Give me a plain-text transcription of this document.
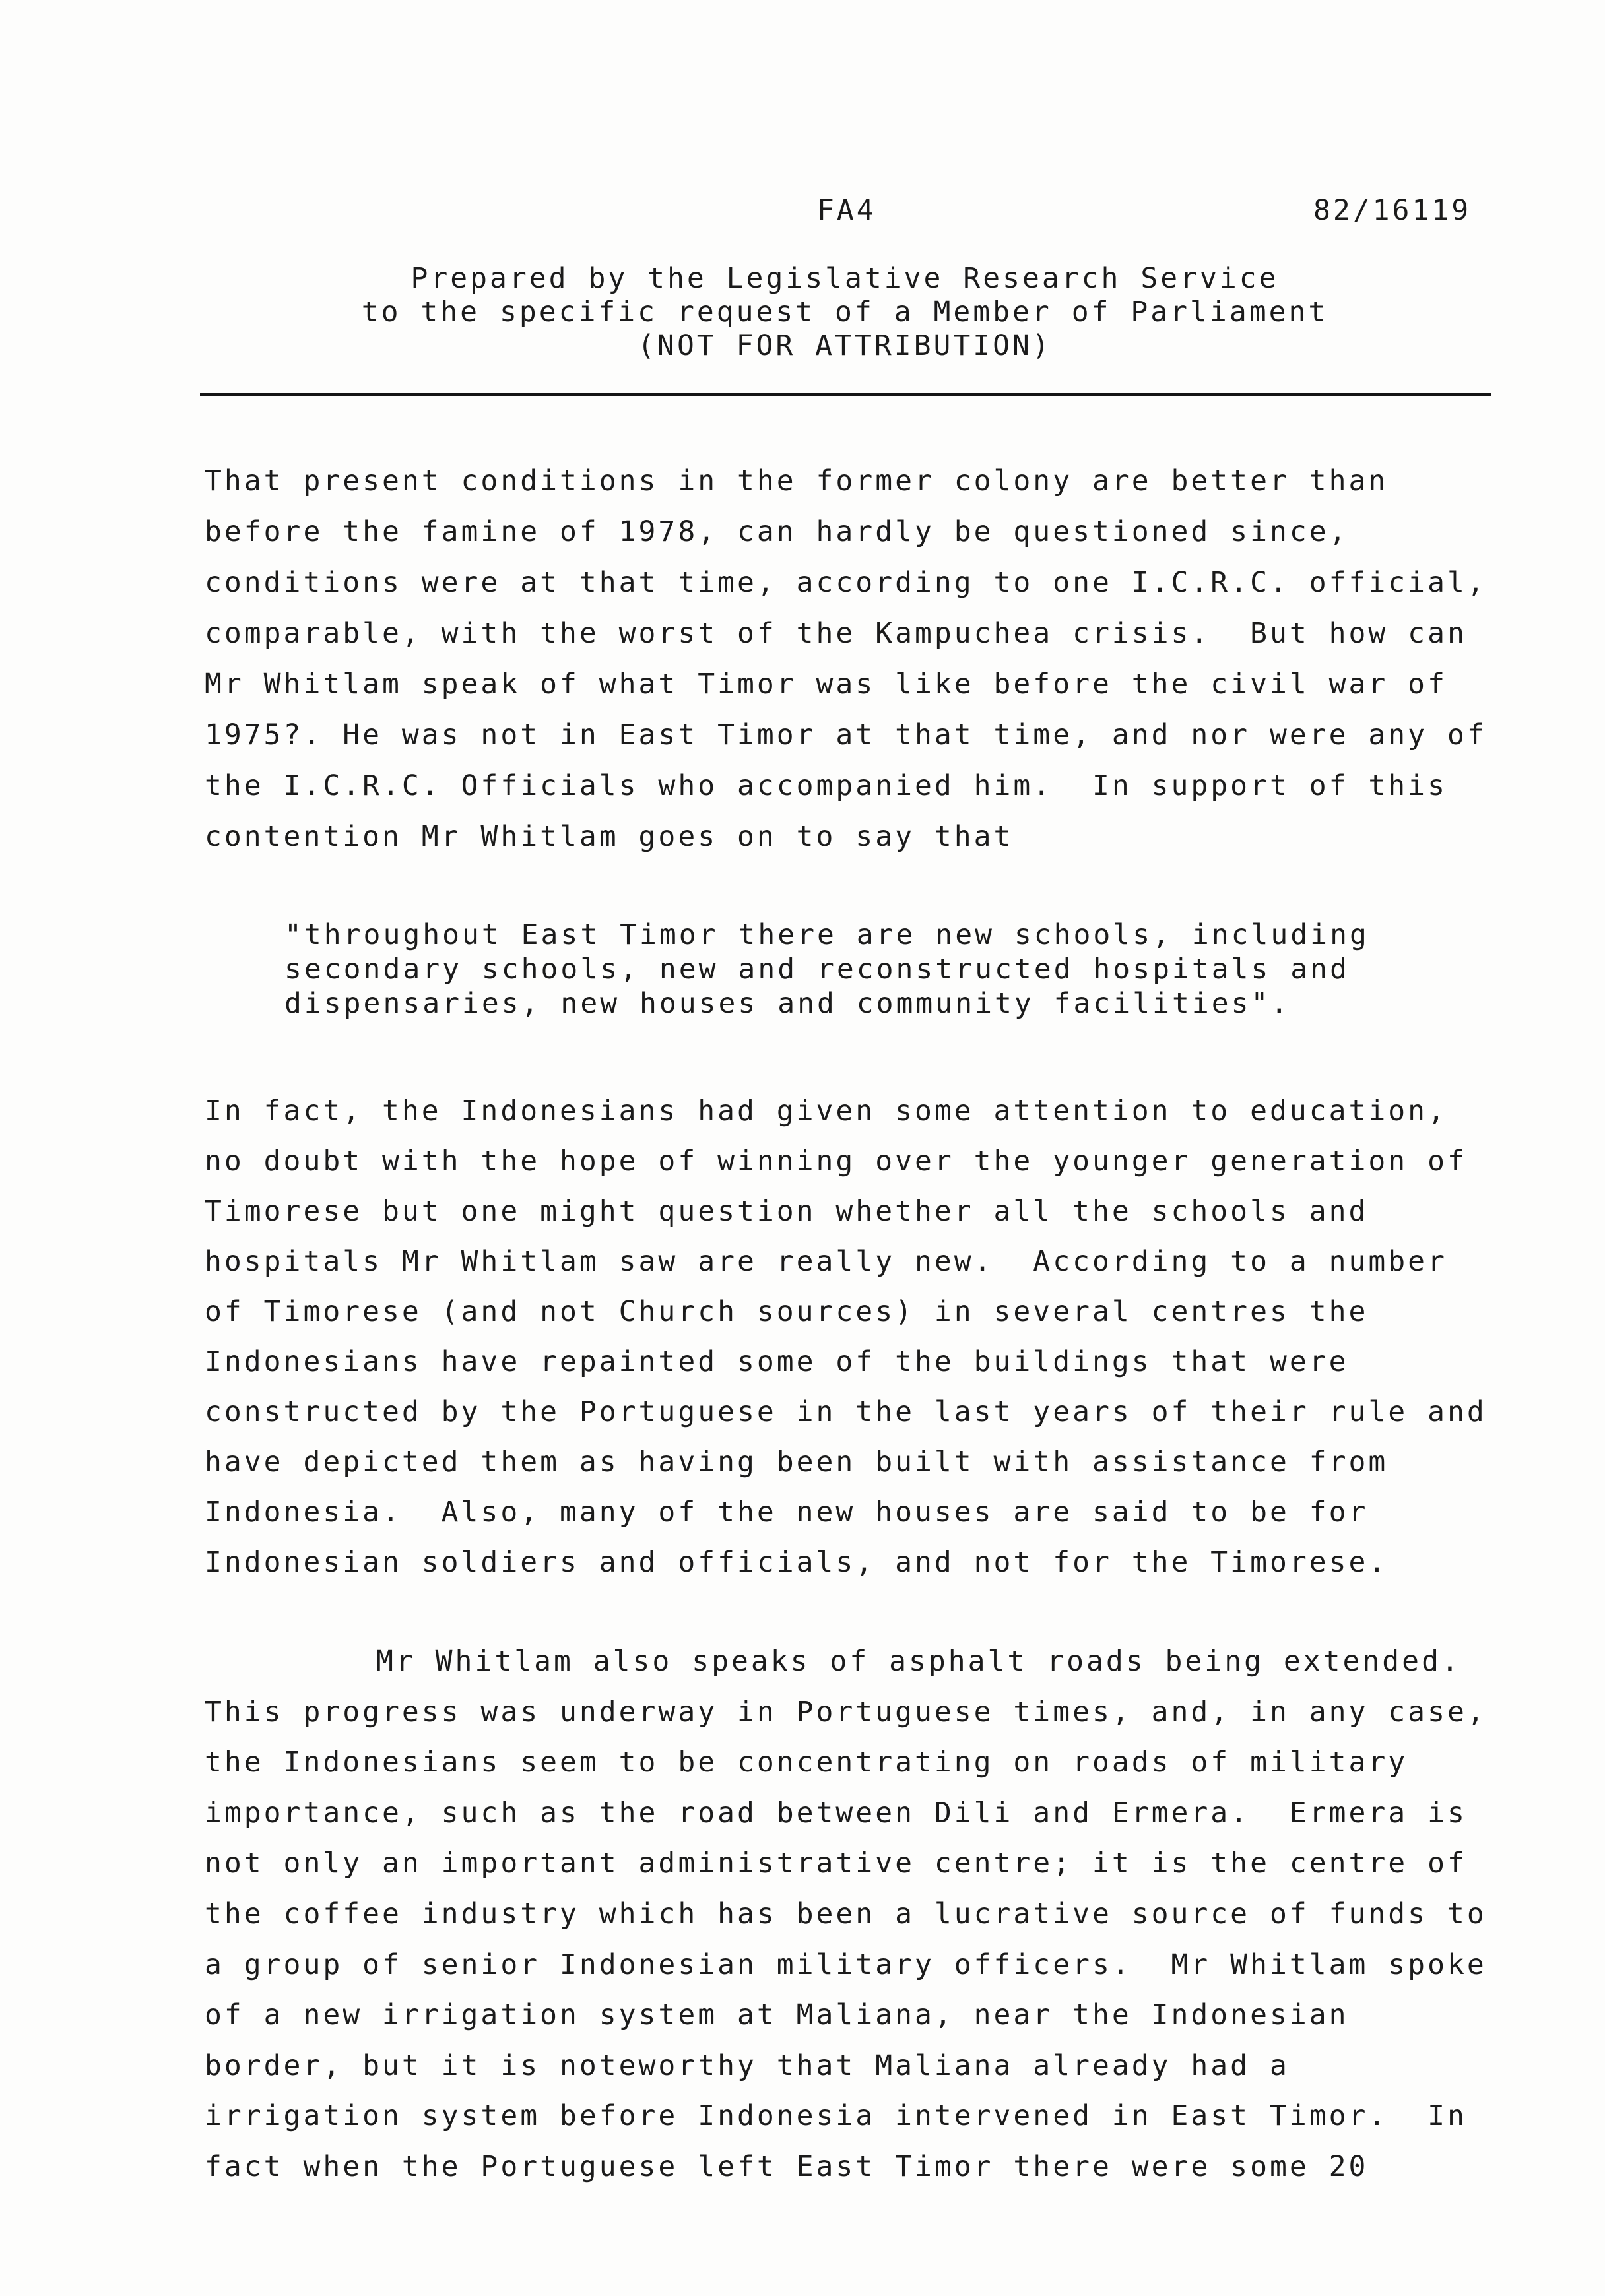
FA4	82/16119
Prepared by the Legislative Research Service
to the specific request of a Member of Parliament
(NOT FOR ATTRIBUTION)
That present conditions in the former colony are better than
before the famine of 1978, can hardly be questioned since,
conditions were at that time, according to one I.C.R.C. official,
comparable, with the worst of the Kampuchea crisis.  But how can
Mr Whitlam speak of what Timor was like before the civil war of
1975?. He was not in East Timor at that time, and nor were any of
the I.C.R.C. Officials who accompanied him.  In support of this
contention Mr Whitlam goes on to say that
"throughout East Timor there are new schools, including
secondary schools, new and reconstructed hospitals and
dispensaries, new houses and community facilities".
In fact, the Indonesians had given some attention to education,
no doubt with the hope of winning over the younger generation of
Timorese but one might question whether all the schools and
hospitals Mr Whitlam saw are really new.  According to a number
of Timorese (and not Church sources) in several centres the
Indonesians have repainted some of the buildings that were
constructed by the Portuguese in the last years of their rule and
have depicted them as having been built with assistance from
Indonesia.  Also, many of the new houses are said to be for
Indonesian soldiers and officials, and not for the Timorese.
Mr Whitlam also speaks of asphalt roads being extended.
This progress was underway in Portuguese times, and, in any case,
the Indonesians seem to be concentrating on roads of military
importance, such as the road between Dili and Ermera.  Ermera is
not only an important administrative centre; it is the centre of
the coffee industry which has been a lucrative source of funds to
a group of senior Indonesian military officers.  Mr Whitlam spoke
of a new irrigation system at Maliana, near the Indonesian
border, but it is noteworthy that Maliana already had a
irrigation system before Indonesia intervened in East Timor.  In
fact when the Portuguese left East Timor there were some 20
